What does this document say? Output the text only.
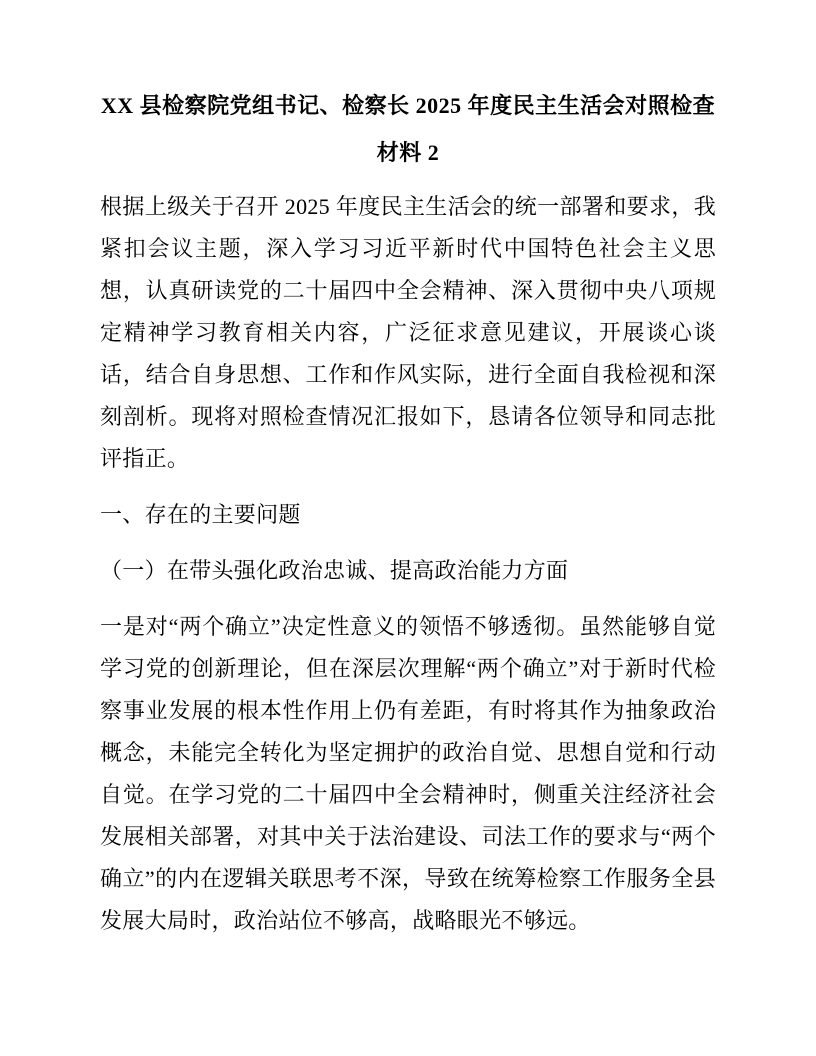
XX 县检察院党组书记、检察长 2025 年度民主生活会对照检查材料 2

根据上级关于召开 2025 年度民主生活会的统一部署和要求，我紧扣会议主题，深入学习习近平新时代中国特色社会主义思想，认真研读党的二十届四中全会精神、深入贯彻中央八项规定精神学习教育相关内容，广泛征求意见建议，开展谈心谈话，结合自身思想、工作和作风实际，进行全面自我检视和深刻剖析。现将对照检查情况汇报如下，恳请各位领导和同志批评指正。

一、存在的主要问题

（一）在带头强化政治忠诚、提高政治能力方面

一是对“两个确立”决定性意义的领悟不够透彻。虽然能够自觉学习党的创新理论，但在深层次理解“两个确立”对于新时代检察事业发展的根本性作用上仍有差距，有时将其作为抽象政治概念，未能完全转化为坚定拥护的政治自觉、思想自觉和行动自觉。在学习党的二十届四中全会精神时，侧重关注经济社会发展相关部署，对其中关于法治建设、司法工作的要求与“两个确立”的内在逻辑关联思考不深，导致在统筹检察工作服务全县发展大局时，政治站位不够高，战略眼光不够远。
